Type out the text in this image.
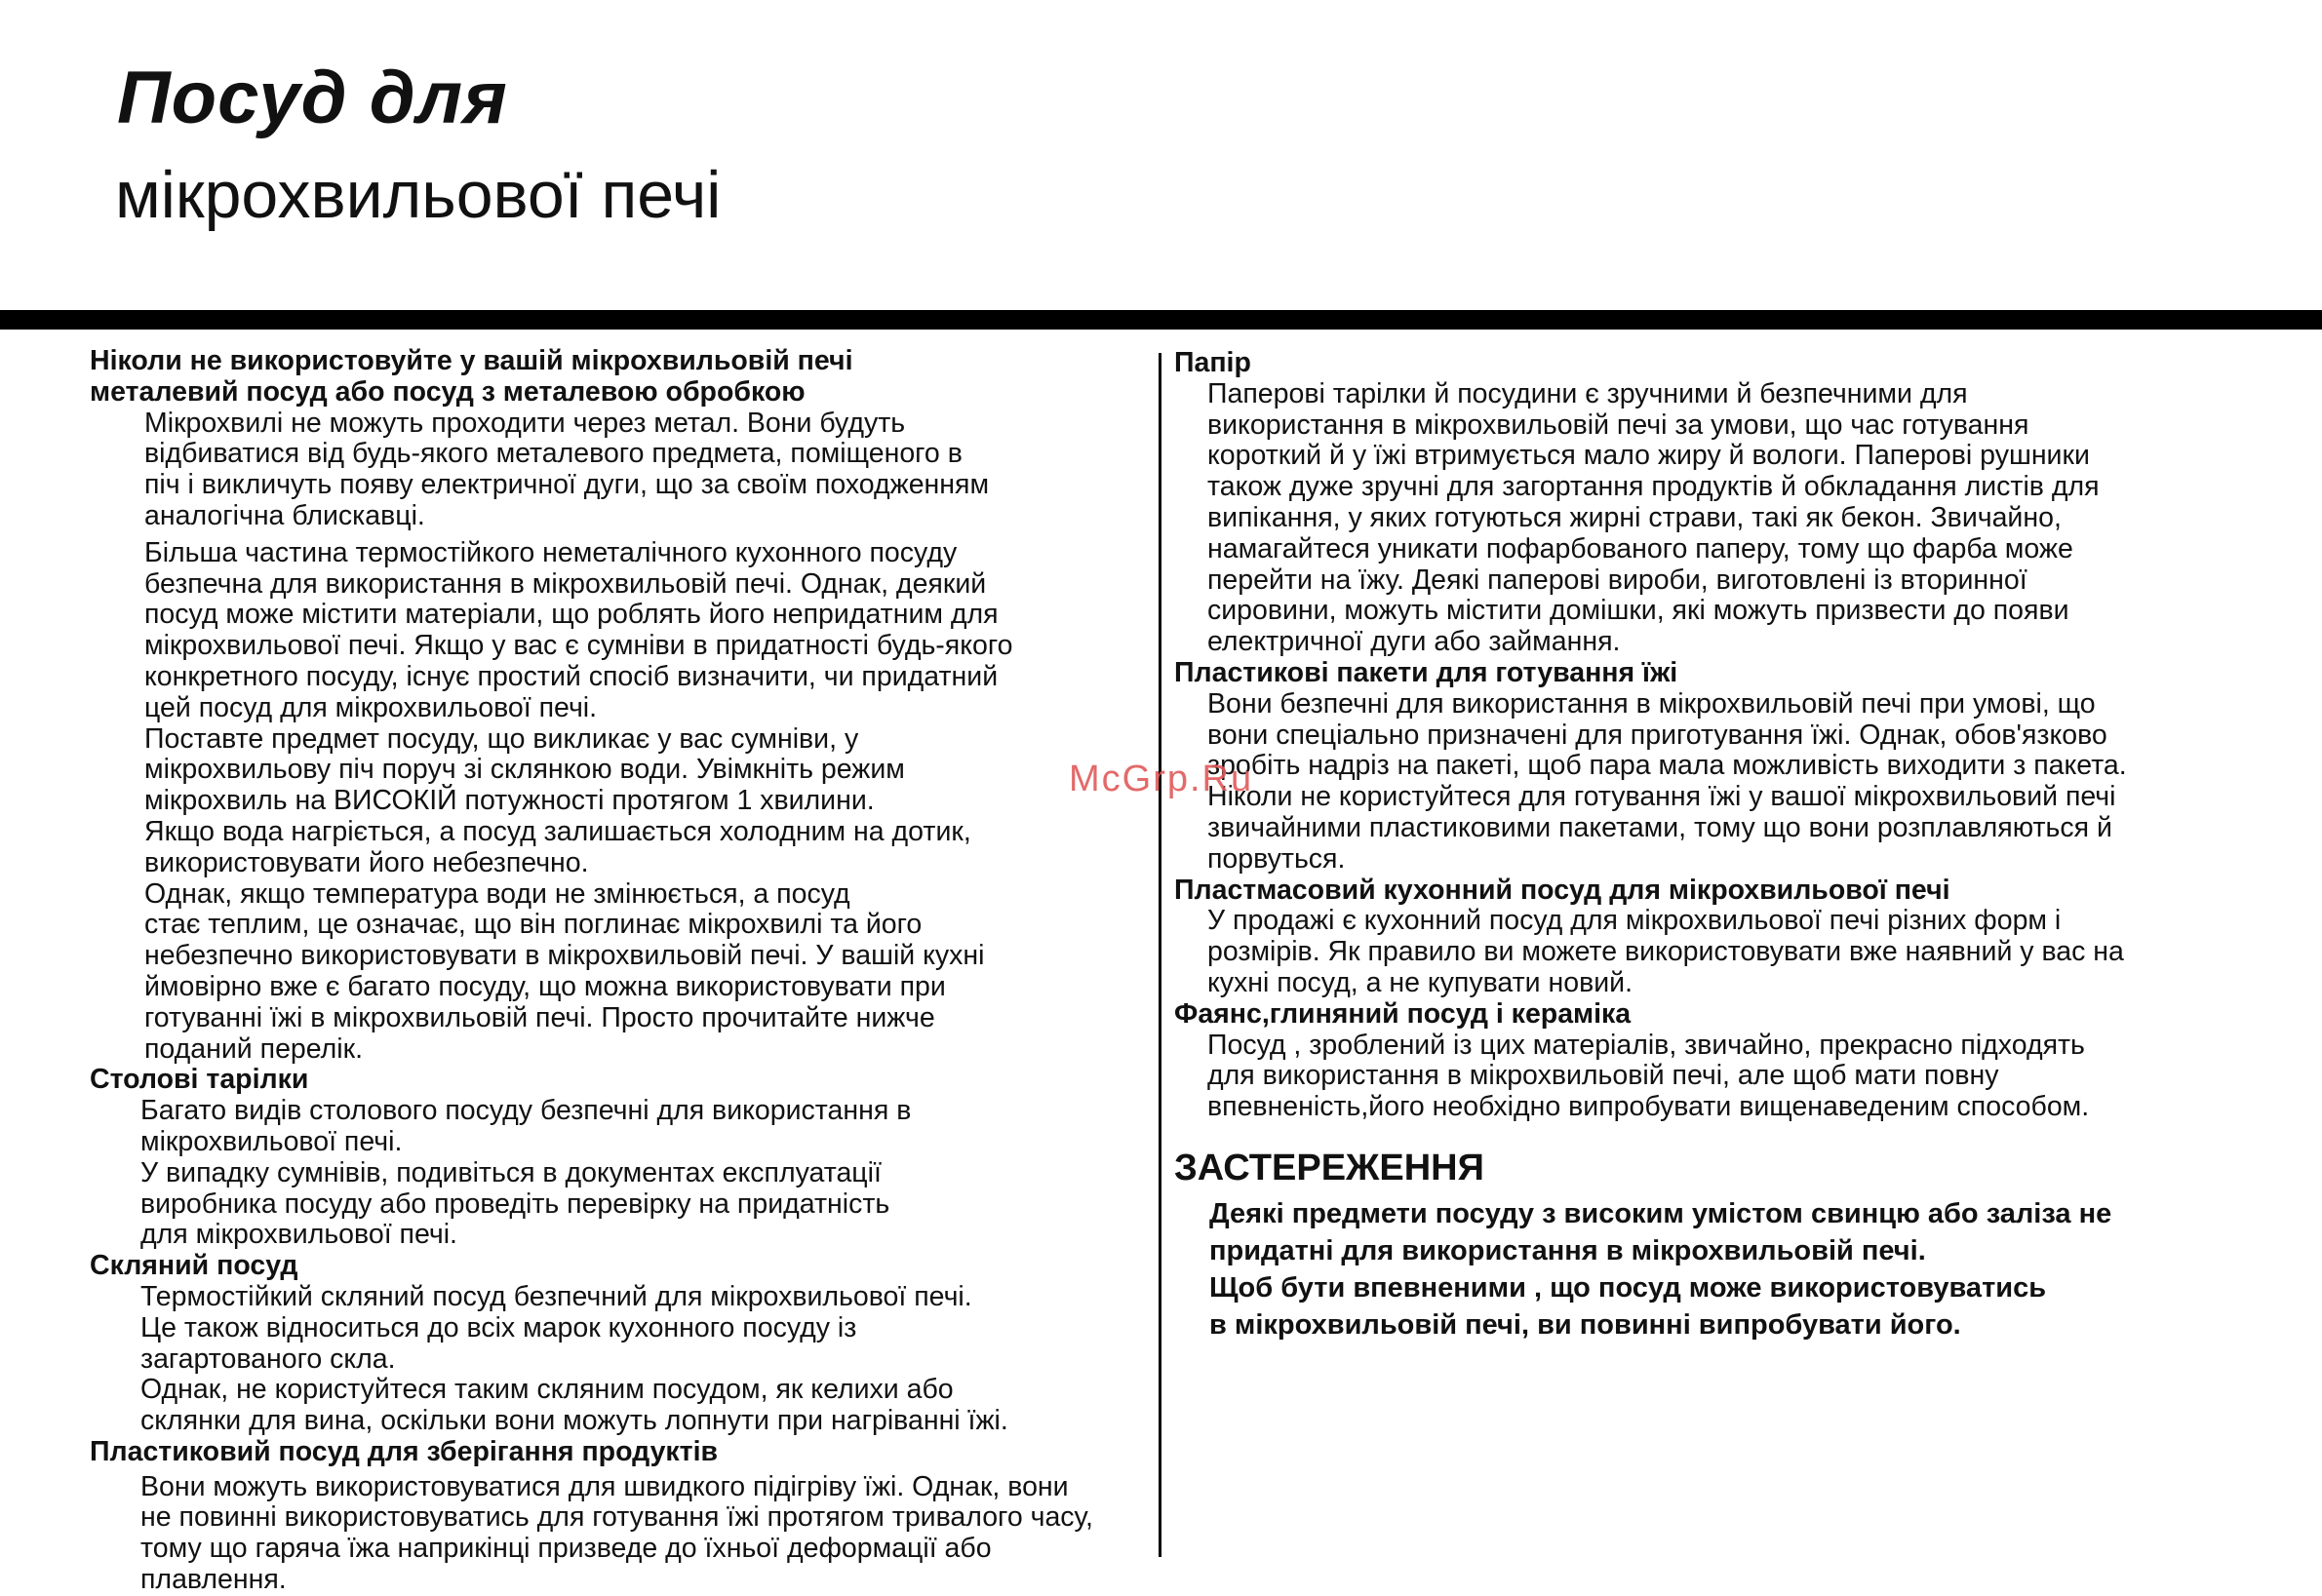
Посуд для
мікрохвильової печі

Ніколи не використовуйте у вашій мікрохвильовій печі
металевий посуд або посуд з металевою обробкою

Мікрохвилі не можуть проходити через метал. Вони будуть
відбиватися від будь-якого металевого предмета, поміщеного в
піч і викличуть появу електричної дуги, що за своїм походженням
аналогічна блискавці.

Більша частина термостійкого неметалічного кухонного посуду
безпечна для використання в мікрохвильовій печі. Однак, деякий
посуд може містити матеріали, що роблять його непридатним для
мікрохвильової печі. Якщо у вас є сумніви в придатності будь-якого
конкретного посуду, існує простий спосіб визначити, чи придатний
цей посуд для мікрохвильової печі.

Поставте предмет посуду, що викликає у вас сумніви, у
мікрохвильову піч поруч зі склянкою води. Увімкніть режим
мікрохвиль на ВИСОКІЙ потужності протягом 1 хвилини.

Якщо вода нагріється, а посуд залишається холодним на дотик,
використовувати його небезпечно.

Однак, якщо температура води не змінюється, а посуд
стає теплим, це означає, що він поглинає мікрохвилі та його
небезпечно використовувати в мікрохвильовій печі. У вашій кухні
ймовірно вже є багато посуду, що можна використовувати при
готуванні їжі в мікрохвильовій печі. Просто прочитайте нижче
поданий перелік.

Столові тарілки

Багато видів столового посуду безпечні для використання в
мікрохвильової печі.

У випадку сумнівів, подивіться в документах експлуатації
виробника посуду або проведіть перевірку на придатність
для мікрохвильової печі.

Скляний посуд

Термостійкий скляний посуд безпечний для мікрохвильової печі.
Це також відноситься до всіх марок кухонного посуду із
загартованого скла.

Однак, не користуйтеся таким скляним посудом, як келихи або
склянки для вина, оскільки вони можуть лопнути при нагріванні їжі.

Пластиковий посуд для зберігання продуктів

Вони можуть використовуватися для швидкого підігріву їжі. Однак, вони
не повинні використовуватись для готування їжі протягом тривалого часу,
тому що гаряча їжа наприкінці призведе до їхньої деформації або плавлення.

Папір

Паперові тарілки й посудини є зручними й безпечними для
використання в мікрохвильовій печі за умови, що час готування
короткий й у їжі втримується мало жиру й вологи. Паперові рушники
також дуже зручні для загортання продуктів й обкладання листів для
випікання, у яких готуються жирні страви, такі як бекон. Звичайно,
намагайтеся уникати пофарбованого паперу, тому що фарба може
перейти на їжу. Деякі паперові вироби, виготовлені із вторинної
сировини, можуть містити домішки, які можуть призвести до появи
електричної дуги або займання.

Пластикові пакети для готування їжі

Вони безпечні для використання в мікрохвильовій печі при умові, що
вони спеціально призначені для приготування їжі. Однак, обов'язково
зробіть надріз на пакеті, щоб пара мала можливість виходити з пакета.
Ніколи не користуйтеся для готування їжі у вашої мікрохвильовий печі
звичайними пластиковими пакетами, тому що вони розплавляються й
порвуться.

Пластмасовий кухонний посуд для мікрохвильової печі

У продажі є кухонний посуд для мікрохвильової печі різних форм і
розмірів. Як правило ви можете використовувати вже наявний у вас на
кухні посуд, а не купувати новий.

Фаянс,глиняний посуд і кераміка

Посуд , зроблений із цих матеріалів, звичайно, прекрасно підходять
для використання в мікрохвильовій печі, але щоб мати повну
впевненість,його необхідно випробувати вищенаведеним способом.

ЗАСТЕРЕЖЕННЯ

Деякі предмети посуду з високим умістом свинцю або заліза не
придатні для використання в мікрохвильовій печі.
Щоб бути впевненими , що посуд може використовуватись
в мікрохвильовій печі, ви повинні випробувати його.

McGrp.Ru
